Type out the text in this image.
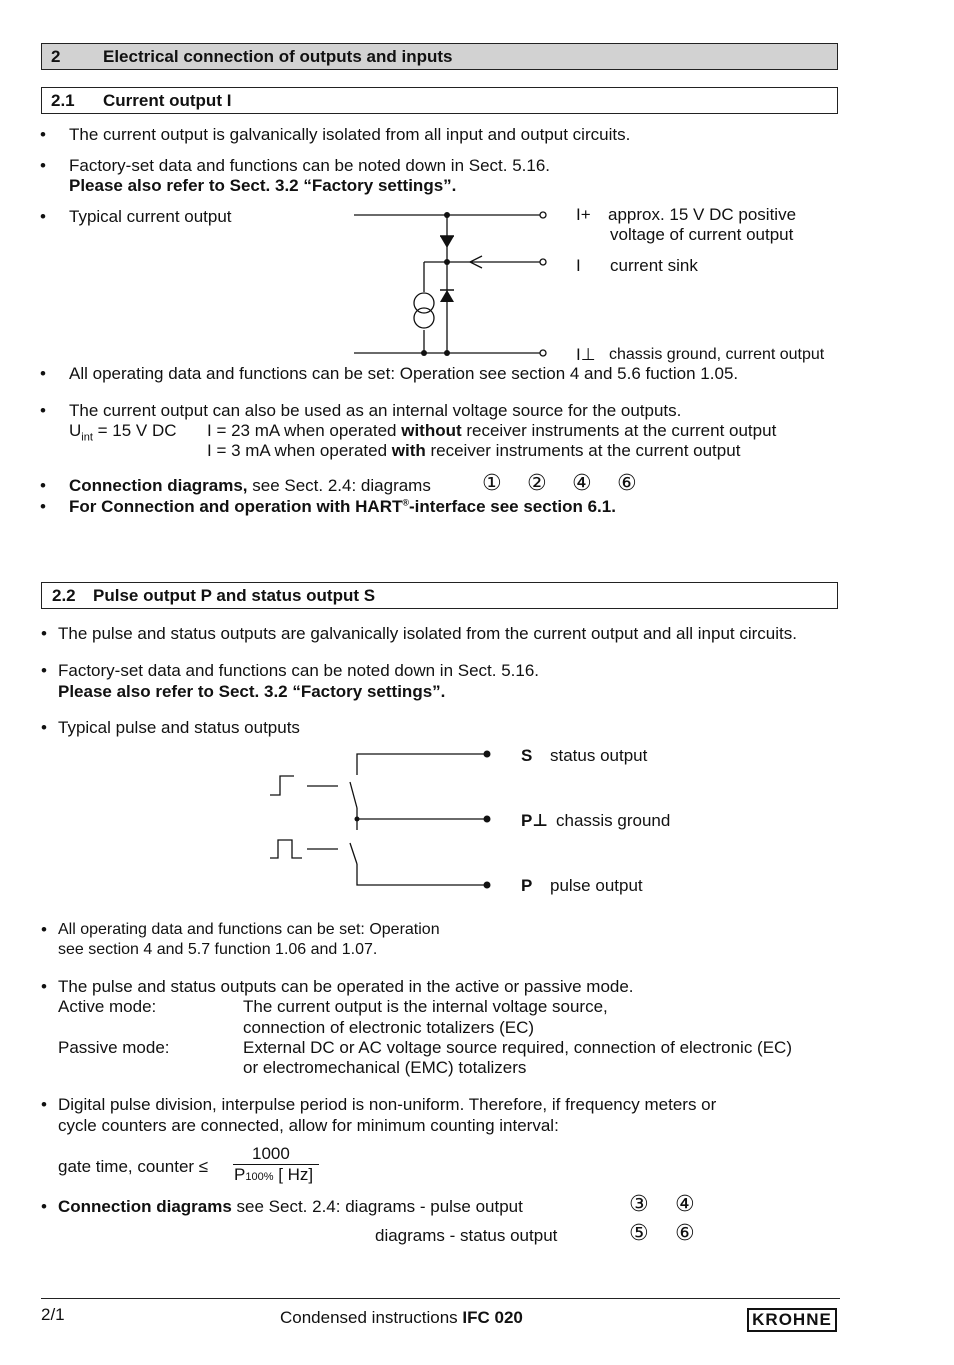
2	Electrical connection of outputs and inputs
2.1 Current output I
• The current output is galvanically isolated from all input and output circuits.
• Factory-set data and functions can be noted down in Sect. 5.16.
Please also refer to Sect. 3.2 “Factory settings”.
• Typical current output	I+ approx. 15 V DC positive
voltage of current output
I current sink
I⊥ chassis ground, current output
• All operating data and functions can be set: Operation see section 4 and 5.6 fuction 1.05.
• The current output can also be used as an internal voltage source for the outputs.
$U_{int} = 15$ V DC I = 23 mA when operated without receiver instruments at the current output
I = 3 mA when operated with receiver instruments at the current output
• Connection diagrams, see Sect. 2.4: diagrams ① ② ④ ⑥
• For Connection and operation with HART®-interface see section 6.1.
2.2 Pulse output P and status output S
• The pulse and status outputs are galvanically isolated from the current output and all input circuits.
• Factory-set data and functions can be noted down in Sect. 5.16.
Please also refer to Sect. 3.2 “Factory settings”.
• Typical pulse and status outputs
S status output
P⊥ chassis ground
P pulse output
• All operating data and functions can be set: Operation
see section 4 and 5.7 function 1.06 and 1.07.
• The pulse and status outputs can be operated in the active or passive mode.
Active mode:	The current output is the internal voltage source,
connection of electronic totalizers (EC)
Passive mode:	External DC or AC voltage source required, connection of electronic (EC)
or electromechanical (EMC) totalizers
• Digital pulse division, interpulse period is non-uniform. Therefore, if frequency meters or
cycle counters are connected, allow for minimum counting interval:
gate time, counter ≤
1000
P100% [ Hz]
• Connection diagrams see Sect. 2.4: diagrams - pulse output	③ ④
diagrams - status output	⑤ ⑥
2/1	Condensed instructions IFC 020	KROHNE
